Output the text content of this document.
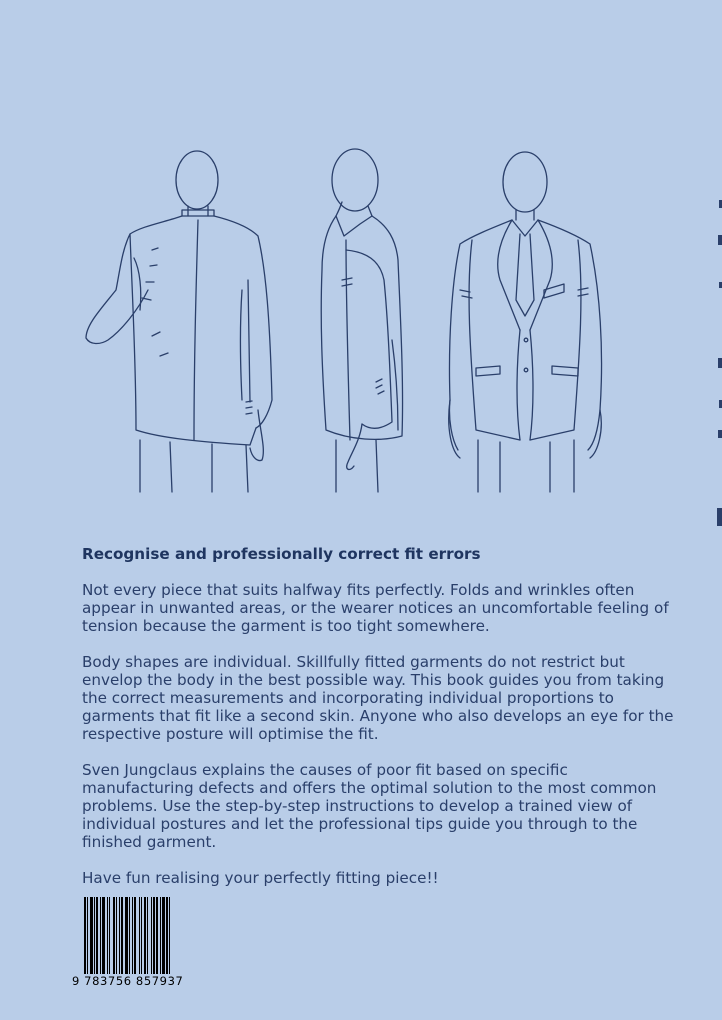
Recognise and professionally correct fit errors

Not every piece that suits halfway fits perfectly. Folds and wrinkles often appear in unwanted areas, or the wearer notices an uncomfortable feeling of tension because the garment is too tight somewhere.

Body shapes are individual. Skillfully fitted garments do not restrict but envelop the body in the best possible way. This book guides you from taking the correct measurements and incorporating individual proportions to garments that fit like a second skin. Anyone who also develops an eye for the respective posture will optimise the fit.

Sven Jungclaus explains the causes of poor fit based on specific manufacturing defects and offers the optimal solution to the most common problems. Use the step-by-step instructions to develop a trained view of individual postures and let the professional tips guide you through to the finished garment.

Have fun realising your perfectly fitting piece!!

9 783756 857937
